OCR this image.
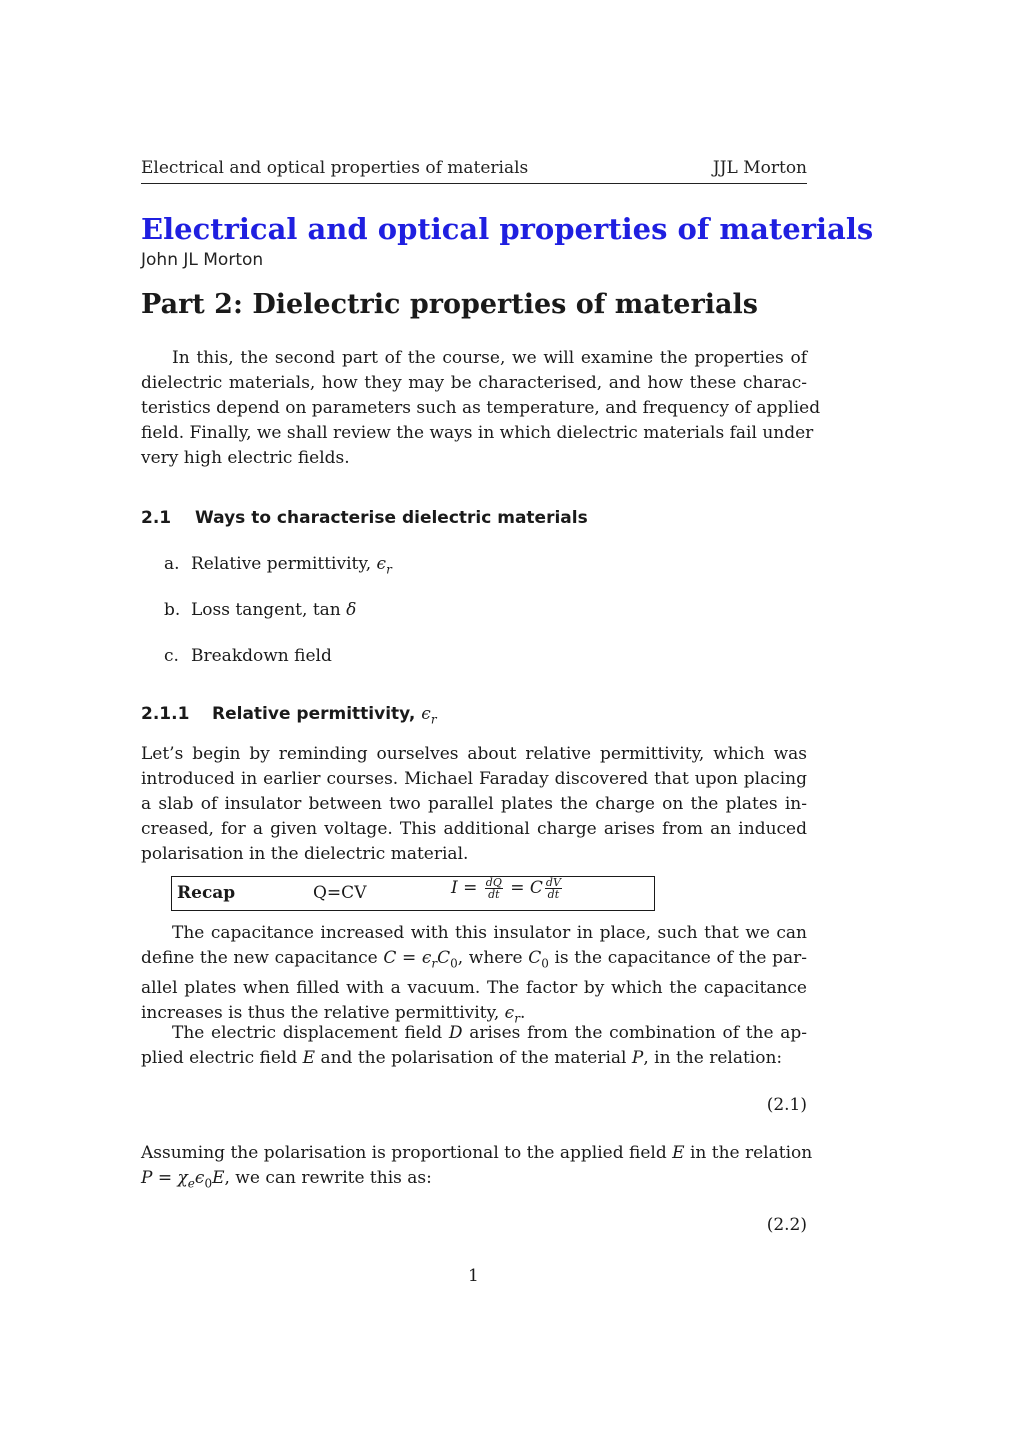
Electrical and optical properties of materials	JJL Morton
Electrical and optical properties of materials
John JL Morton
Part 2: Dielectric properties of materials
In this, the second part of the course, we will examine the properties of
dielectric materials, how they may be characterised, and how these charac-
teristics depend on parameters such as temperature, and frequency of applied
field. Finally, we shall review the ways in which dielectric materials fail under
very high electric fields.
2.1 Ways to characterise dielectric materials
a. Relative permittivity, $\epsilon_r$
b. Loss tangent, tan δ
c. Breakdown field
2.1.1 Relative permittivity, $\epsilon_r$
Let’s begin by reminding ourselves about relative permittivity, which was
introduced in earlier courses. Michael Faraday discovered that upon placing
a slab of insulator between two parallel plates the charge on the plates in-
creased, for a given voltage. This additional charge arises from an induced
polarisation in the dielectric material.
Recap	Q=CV	$I = \frac{dQ}{dt} = C \frac{dV}{dt}$
The capacitance increased with this insulator in place, such that we can
define the new capacitance $C = \epsilon_rC_0$, where $C_0$ is the capacitance of the par-
allel plates when filled with a vacuum. The factor by which the capacitance
increases is thus the relative permittivity, $\epsilon_r$.
The electric displacement field D arises from the combination of the ap-
plied electric field E and the polarisation of the material P, in the relation:
(2.1)
Assuming the polarisation is proportional to the applied field E in the relation
$P = \chi_e\epsilon_0E$, we can rewrite this as:
(2.2)
1
